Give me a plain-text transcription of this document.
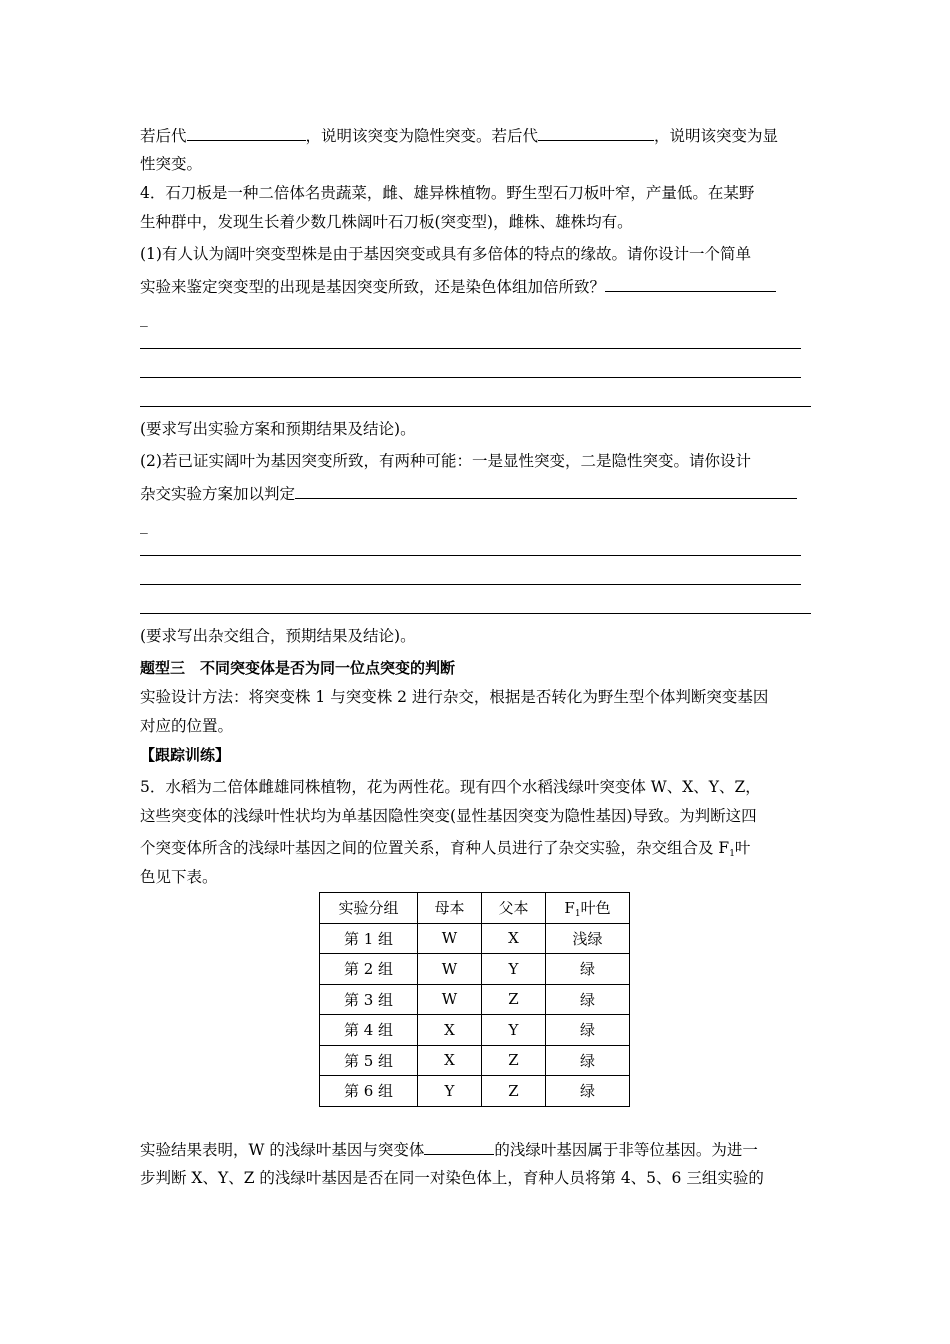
若后代	，说明该突变为隐性突变。若后代	，说明该突变为显
性突变。
4．石刀板是一种二倍体名贵蔬菜，雌、雄异株植物。野生型石刀板叶窄，产量低。在某野
生种群中，发现生长着少数几株阔叶石刀板(突变型)，雌株、雄株均有。
(1)有人认为阔叶突变型株是由于基因突变或具有多倍体的特点的缘故。请你设计一个简单
实验来鉴定突变型的出现是基因突变所致，还是染色体组加倍所致？
_
(要求写出实验方案和预期结果及结论)。
(2)若已证实阔叶为基因突变所致，有两种可能：一是显性突变，二是隐性突变。请你设计
杂交实验方案加以判定
_
(要求写出杂交组合，预期结果及结论)。
题型三　不同突变体是否为同一位点突变的判断
实验设计方法：将突变株 1 与突变株 2 进行杂交，根据是否转化为野生型个体判断突变基因
对应的位置。
【跟踪训练】
5．水稻为二倍体雌雄同株植物，花为两性花。现有四个水稻浅绿叶突变体 W、X、Y、Z，
这些突变体的浅绿叶性状均为单基因隐性突变(显性基因突变为隐性基因)导致。为判断这四
个突变体所含的浅绿叶基因之间的位置关系，育种人员进行了杂交实验，杂交组合及 $F_1$叶
色见下表。
实验分组	母本	父本	$F_1$叶色
第 1 组	W	X	浅绿
第 2 组	W	Y	绿
第 3 组	W	Z	绿
第 4 组	X	Y	绿
第 5 组	X	Z	绿
第 6 组	Y	Z	绿
实验结果表明，W 的浅绿叶基因与突变体	的浅绿叶基因属于非等位基因。为进一
步判断 X、Y、Z 的浅绿叶基因是否在同一对染色体上，育种人员将第 4、5、6 三组实验的
